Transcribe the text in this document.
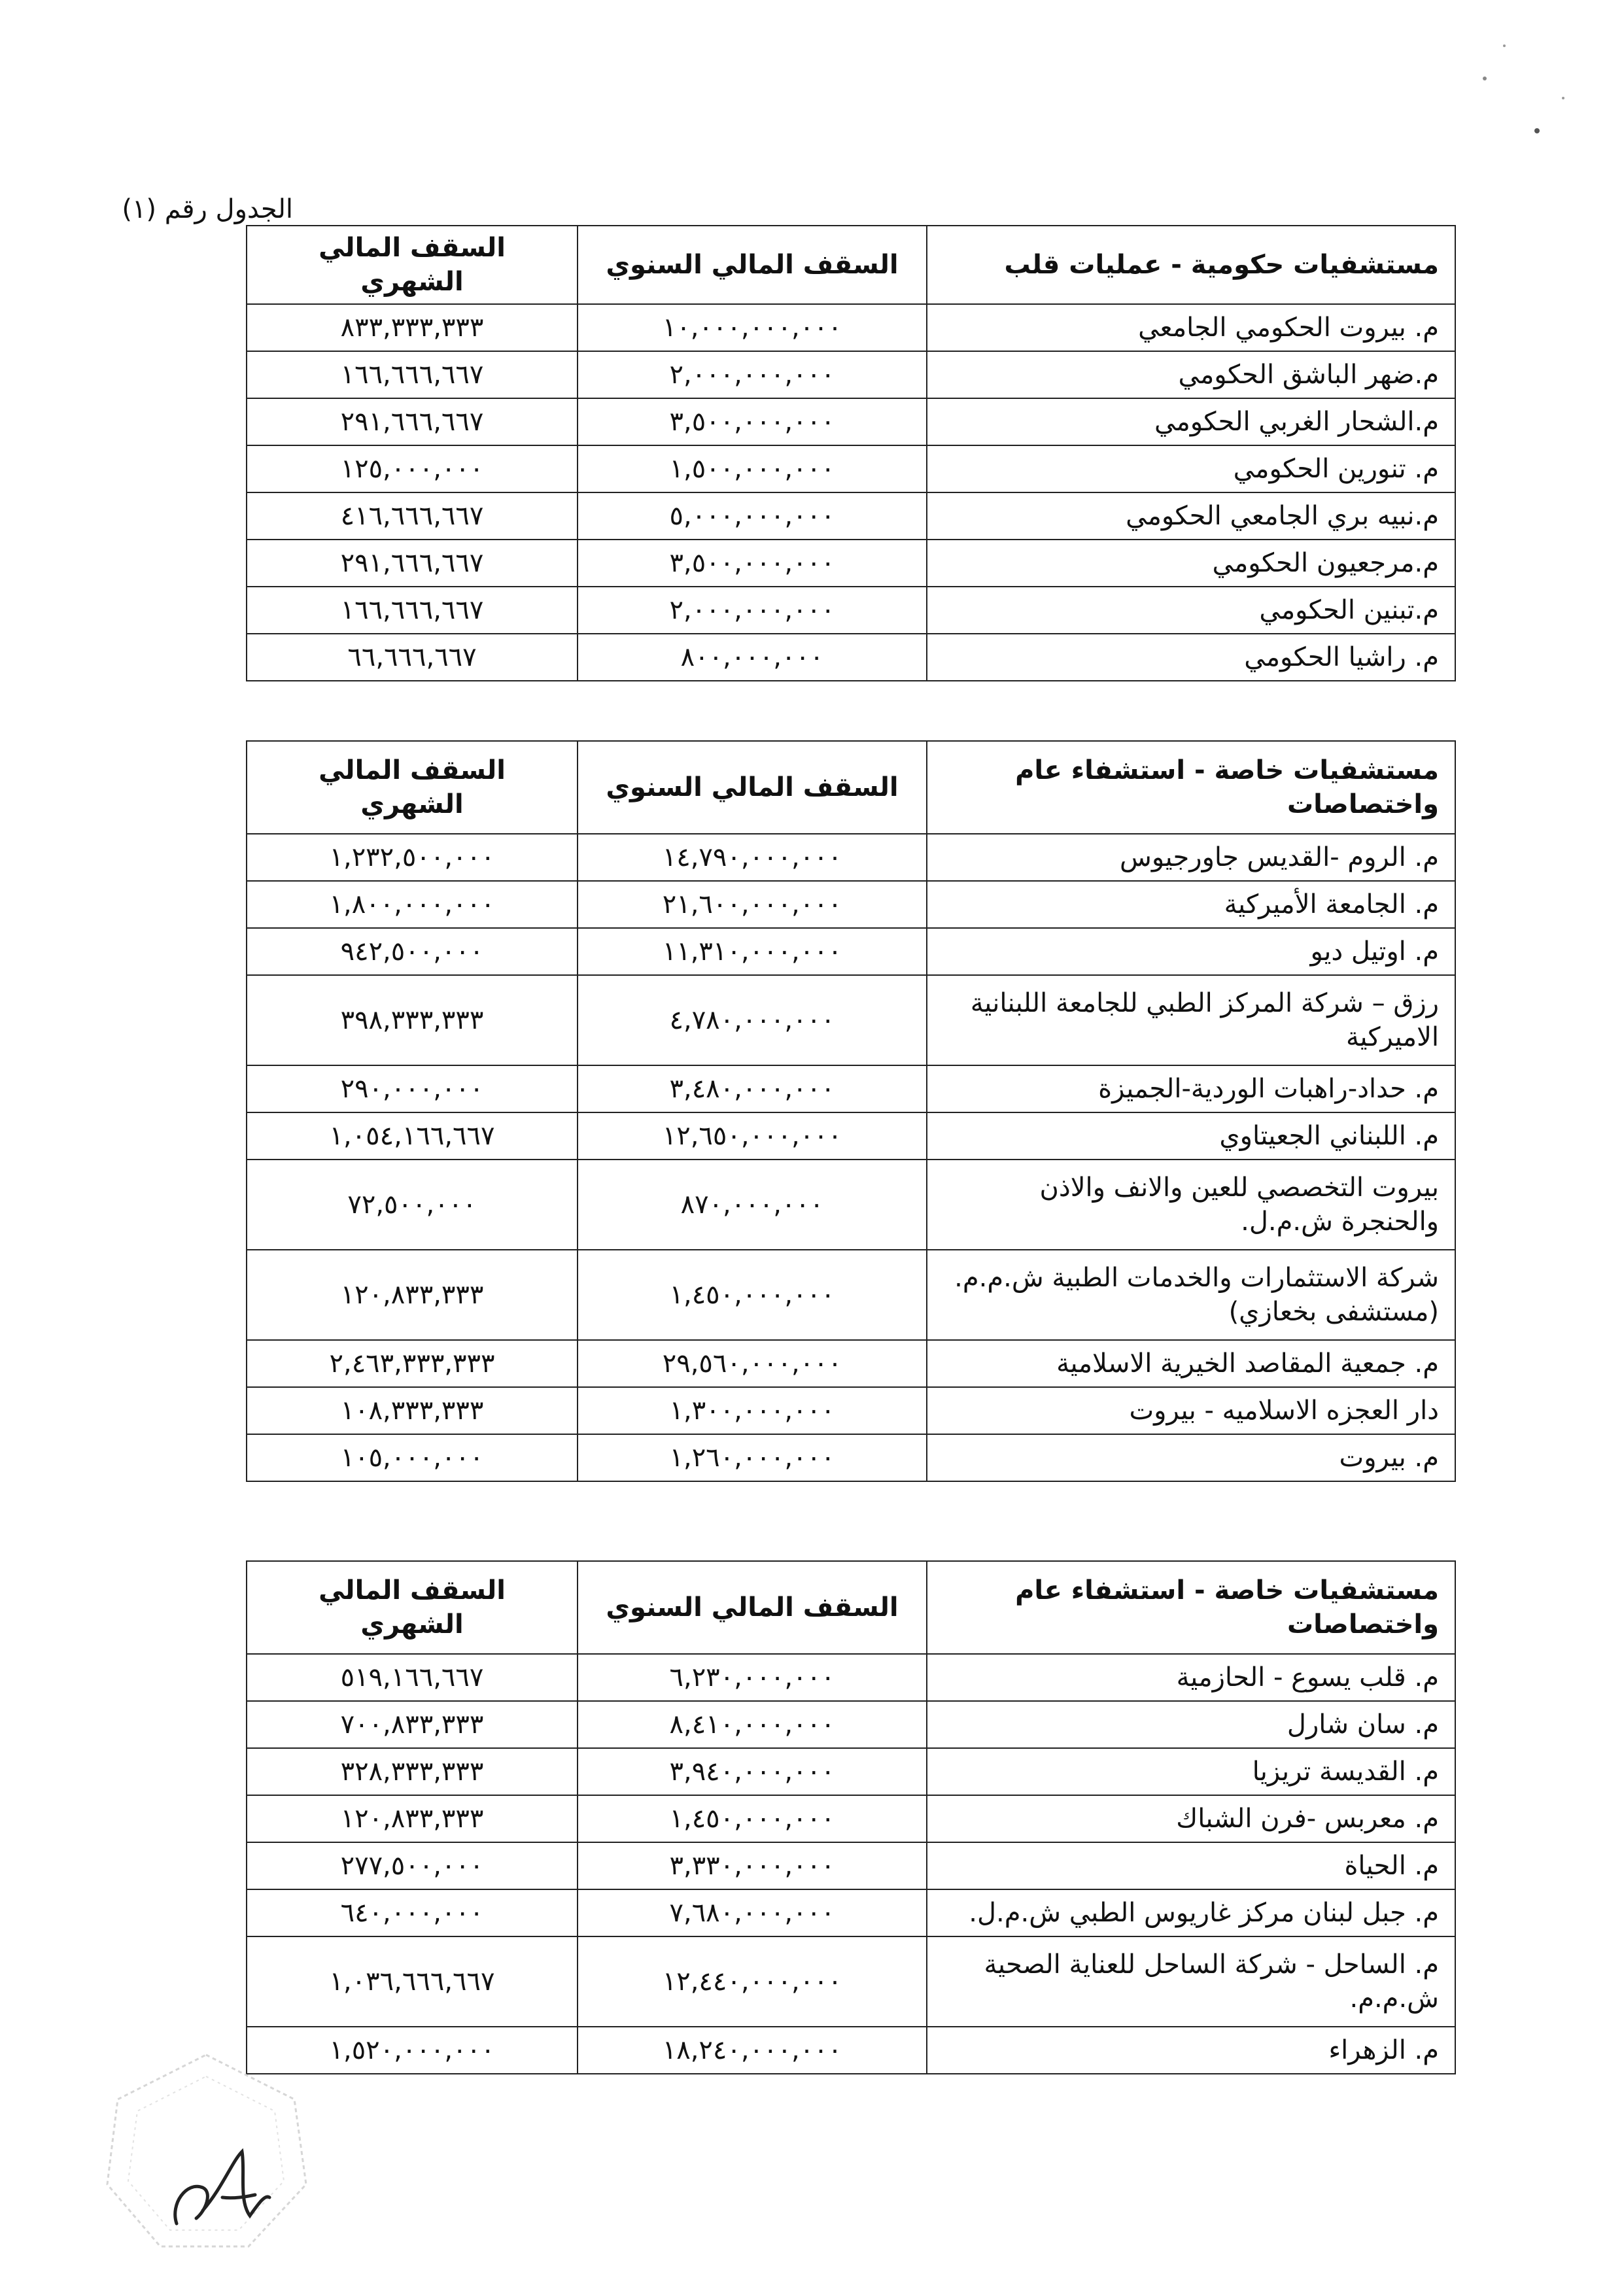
الجدول رقم (١)
مستشفيات حكومية - عمليات قلب	السقف المالي السنوي	السقف المالي الشهري
م. بيروت الحكومي الجامعي	١٠,٠٠٠,٠٠٠,٠٠٠	٨٣٣,٣٣٣,٣٣٣
م.ضهر الباشق الحكومي	٢,٠٠٠,٠٠٠,٠٠٠	١٦٦,٦٦٦,٦٦٧
م.الشحار الغربي الحكومي	٣,٥٠٠,٠٠٠,٠٠٠	٢٩١,٦٦٦,٦٦٧
م. تنورين الحكومي	١,٥٠٠,٠٠٠,٠٠٠	١٢٥,٠٠٠,٠٠٠
م.نبيه بري الجامعي الحكومي	٥,٠٠٠,٠٠٠,٠٠٠	٤١٦,٦٦٦,٦٦٧
م.مرجعيون الحكومي	٣,٥٠٠,٠٠٠,٠٠٠	٢٩١,٦٦٦,٦٦٧
م.تبنين الحكومي	٢,٠٠٠,٠٠٠,٠٠٠	١٦٦,٦٦٦,٦٦٧
م. راشيا الحكومي	٨٠٠,٠٠٠,٠٠٠	٦٦,٦٦٦,٦٦٧
مستشفيات خاصة - استشفاء عام واختصاصات	السقف المالي السنوي	السقف المالي الشهري
م. الروم -القديس جاورجيوس	١٤,٧٩٠,٠٠٠,٠٠٠	١,٢٣٢,٥٠٠,٠٠٠
م. الجامعة الأميركية	٢١,٦٠٠,٠٠٠,٠٠٠	١,٨٠٠,٠٠٠,٠٠٠
م. اوتيل ديو	١١,٣١٠,٠٠٠,٠٠٠	٩٤٢,٥٠٠,٠٠٠
رزق – شركة المركز الطبي للجامعة اللبنانية الاميركية	٤,٧٨٠,٠٠٠,٠٠٠	٣٩٨,٣٣٣,٣٣٣
م. حداد-راهبات الوردية-الجميزة	٣,٤٨٠,٠٠٠,٠٠٠	٢٩٠,٠٠٠,٠٠٠
م. اللبناني الجعيتاوي	١٢,٦٥٠,٠٠٠,٠٠٠	١,٠٥٤,١٦٦,٦٦٧
بيروت التخصصي للعين والانف والاذن والحنجرة ش.م.ل.	٨٧٠,٠٠٠,٠٠٠	٧٢,٥٠٠,٠٠٠
شركة الاستثمارات والخدمات الطبية ش.م.م. (مستشفى بخعازي)	١,٤٥٠,٠٠٠,٠٠٠	١٢٠,٨٣٣,٣٣٣
م. جمعية المقاصد الخيرية الاسلامية	٢٩,٥٦٠,٠٠٠,٠٠٠	٢,٤٦٣,٣٣٣,٣٣٣
دار العجزه الاسلاميه - بيروت	١,٣٠٠,٠٠٠,٠٠٠	١٠٨,٣٣٣,٣٣٣
م. بيروت	١,٢٦٠,٠٠٠,٠٠٠	١٠٥,٠٠٠,٠٠٠
مستشفيات خاصة - استشفاء عام واختصاصات	السقف المالي السنوي	السقف المالي الشهري
م. قلب يسوع - الحازمية	٦,٢٣٠,٠٠٠,٠٠٠	٥١٩,١٦٦,٦٦٧
م. سان شارل	٨,٤١٠,٠٠٠,٠٠٠	٧٠٠,٨٣٣,٣٣٣
م. القديسة تريزيا	٣,٩٤٠,٠٠٠,٠٠٠	٣٢٨,٣٣٣,٣٣٣
م. معربس -فرن الشباك	١,٤٥٠,٠٠٠,٠٠٠	١٢٠,٨٣٣,٣٣٣
م. الحياة	٣,٣٣٠,٠٠٠,٠٠٠	٢٧٧,٥٠٠,٠٠٠
م. جبل لبنان مركز غاريوس الطبي ش.م.ل.	٧,٦٨٠,٠٠٠,٠٠٠	٦٤٠,٠٠٠,٠٠٠
م. الساحل - شركة الساحل للعناية الصحية ش.م.م.	١٢,٤٤٠,٠٠٠,٠٠٠	١,٠٣٦,٦٦٦,٦٦٧
م. الزهراء	١٨,٢٤٠,٠٠٠,٠٠٠	١,٥٢٠,٠٠٠,٠٠٠
